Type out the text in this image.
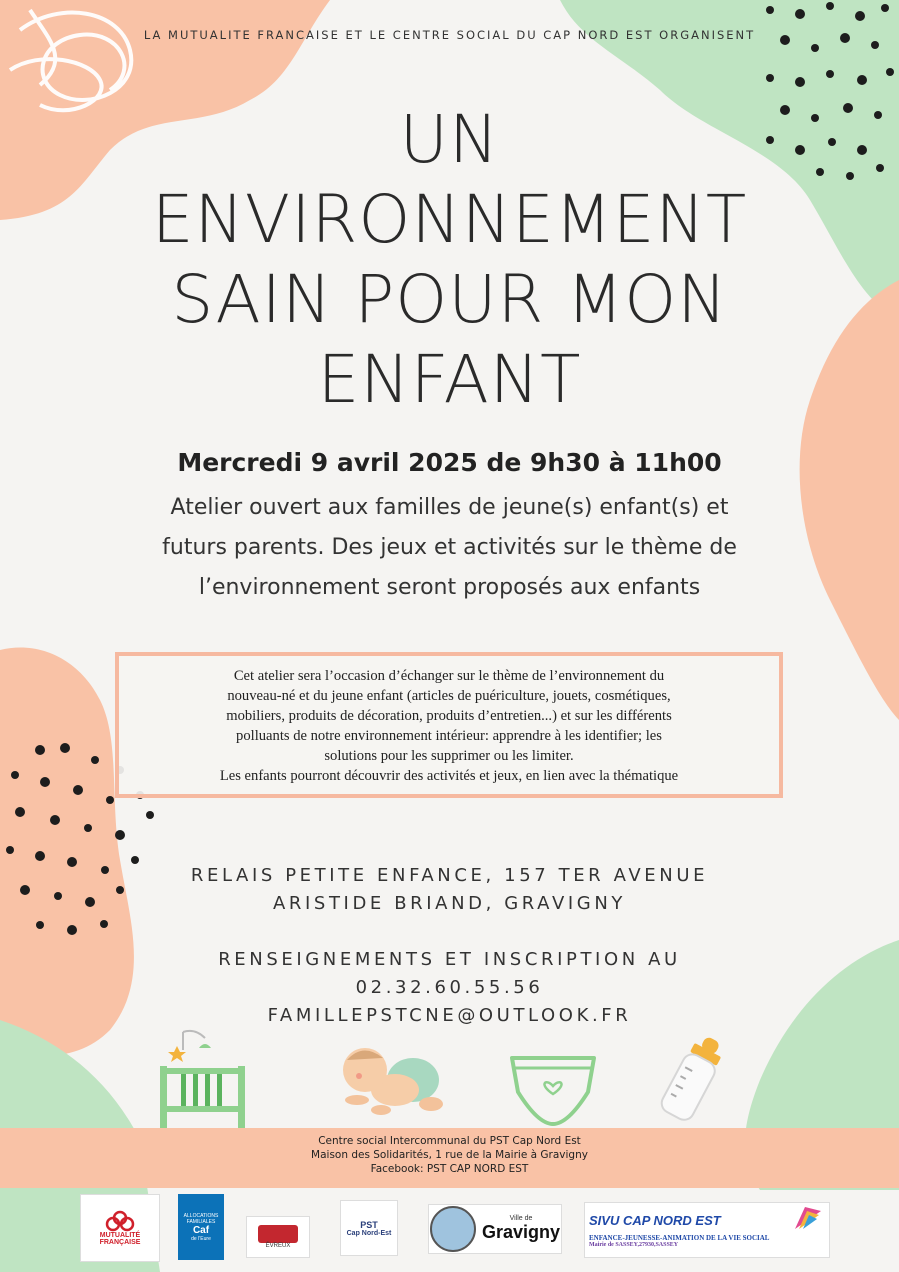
LA MUTUALITE FRANCAISE ET LE CENTRE SOCIAL DU CAP NORD EST ORGANISENT
UN
ENVIRONNEMENT
SAIN POUR MON
ENFANT
Mercredi 9 avril 2025 de 9h30 à 11h00
Atelier ouvert aux familles de jeune(s) enfant(s) et
futurs parents. Des jeux et activités sur le thème de
l’environnement seront proposés aux enfants
Cet atelier sera l’occasion d’échanger sur le thème de l’environnement du
nouveau-né et du jeune enfant (articles de puériculture, jouets, cosmétiques,
mobiliers, produits de décoration, produits d’entretien...) et sur les différents
polluants de notre environnement intérieur: apprendre à les identifier; les
solutions pour les supprimer ou les limiter.
Les enfants pourront découvrir des activités et jeux, en lien avec la thématique
RELAIS PETITE ENFANCE, 157 TER AVENUE
ARISTIDE BRIAND, GRAVIGNY
RENSEIGNEMENTS ET INSCRIPTION AU
02.32.60.55.56
FAMILLEPSTCNE@OUTLOOK.FR
Centre social Intercommunal du PST Cap Nord Est
Maison des Solidarités, 1 rue de la Mairie à Gravigny
Facebook: PST CAP NORD EST
MUTUALITÉ
FRANÇAISE
ALLOCATIONS
FAMILIALES
Caf
de l’Eure
ÉVREUX
PST
Cap Nord-Est
Ville de
Gravigny
SIVU CAP NORD EST
ENFANCE-JEUNESSE-ANIMATION DE LA VIE SOCIAL
Mairie de SASSEY,27930,SASSEY
